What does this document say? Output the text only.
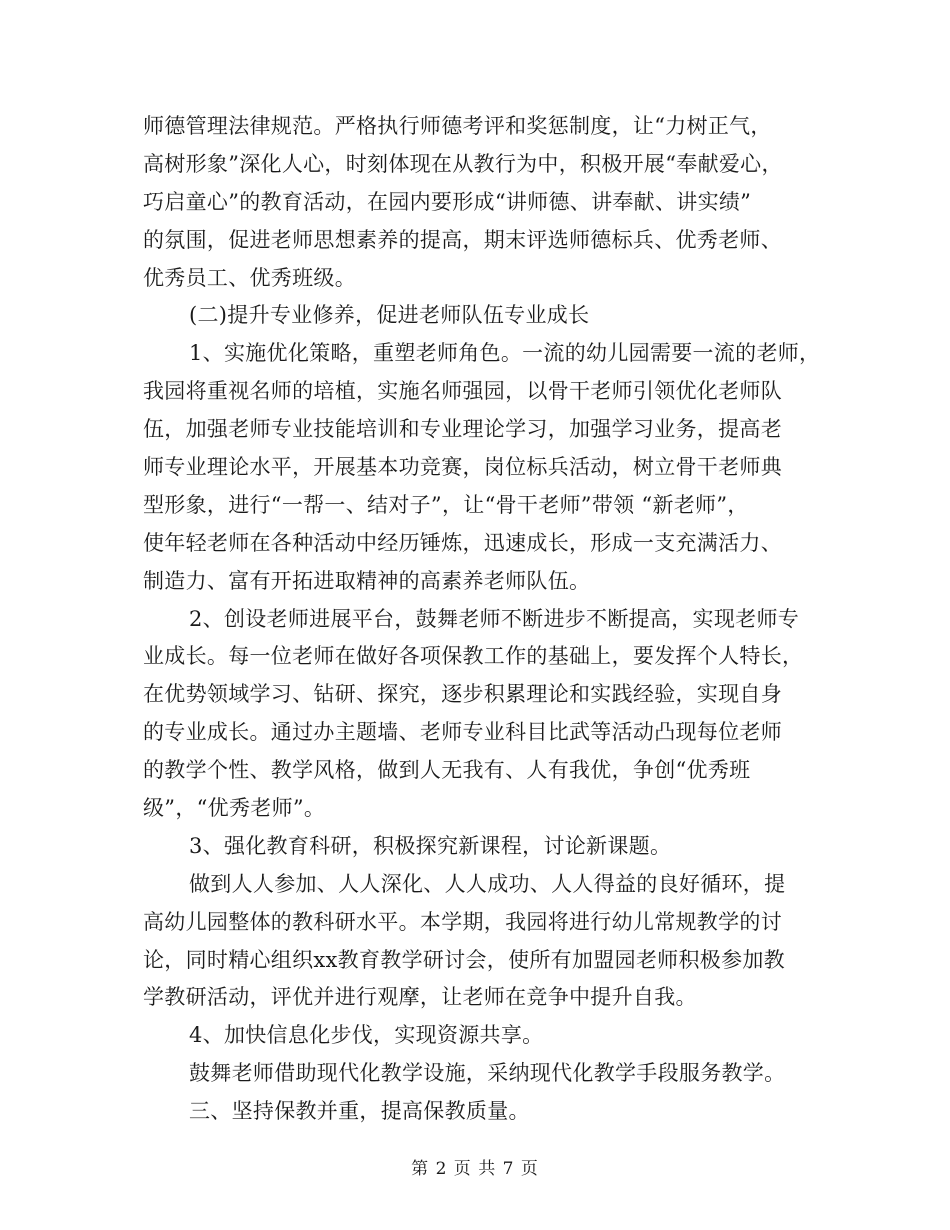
师德管理法律规范。严格执行师德考评和奖惩制度，让“力树正气，
高树形象”深化人心，时刻体现在从教行为中，积极开展“奉献爱心，
巧启童心”的教育活动，在园内要形成“讲师德、讲奉献、讲实绩”
的氛围，促进老师思想素养的提高，期末评选师德标兵、优秀老师、
优秀员工、优秀班级。
(二)提升专业修养，促进老师队伍专业成长
1、实施优化策略，重塑老师角色。一流的幼儿园需要一流的老师，
我园将重视名师的培植，实施名师强园，以骨干老师引领优化老师队
伍，加强老师专业技能培训和专业理论学习，加强学习业务，提高老
师专业理论水平，开展基本功竞赛，岗位标兵活动，树立骨干老师典
型形象，进行“一帮一、结对子”，让“骨干老师”带领 “新老师”，
使年轻老师在各种活动中经历锤炼，迅速成长，形成一支充满活力、
制造力、富有开拓进取精神的高素养老师队伍。
2、创设老师进展平台，鼓舞老师不断进步不断提高，实现老师专
业成长。每一位老师在做好各项保教工作的基础上，要发挥个人特长，
在优势领域学习、钻研、探究，逐步积累理论和实践经验，实现自身
的专业成长。通过办主题墙、老师专业科目比武等活动凸现每位老师
的教学个性、教学风格，做到人无我有、人有我优，争创“优秀班
级”，“优秀老师”。
3、强化教育科研，积极探究新课程，讨论新课题。
做到人人参加、人人深化、人人成功、人人得益的良好循环，提
高幼儿园整体的教科研水平。本学期，我园将进行幼儿常规教学的讨
论，同时精心组织xx教育教学研讨会，使所有加盟园老师积极参加教
学教研活动，评优并进行观摩，让老师在竞争中提升自我。
4、加快信息化步伐，实现资源共享。
鼓舞老师借助现代化教学设施，采纳现代化教学手段服务教学。
三、坚持保教并重，提高保教质量。
第 2 页 共 7 页
